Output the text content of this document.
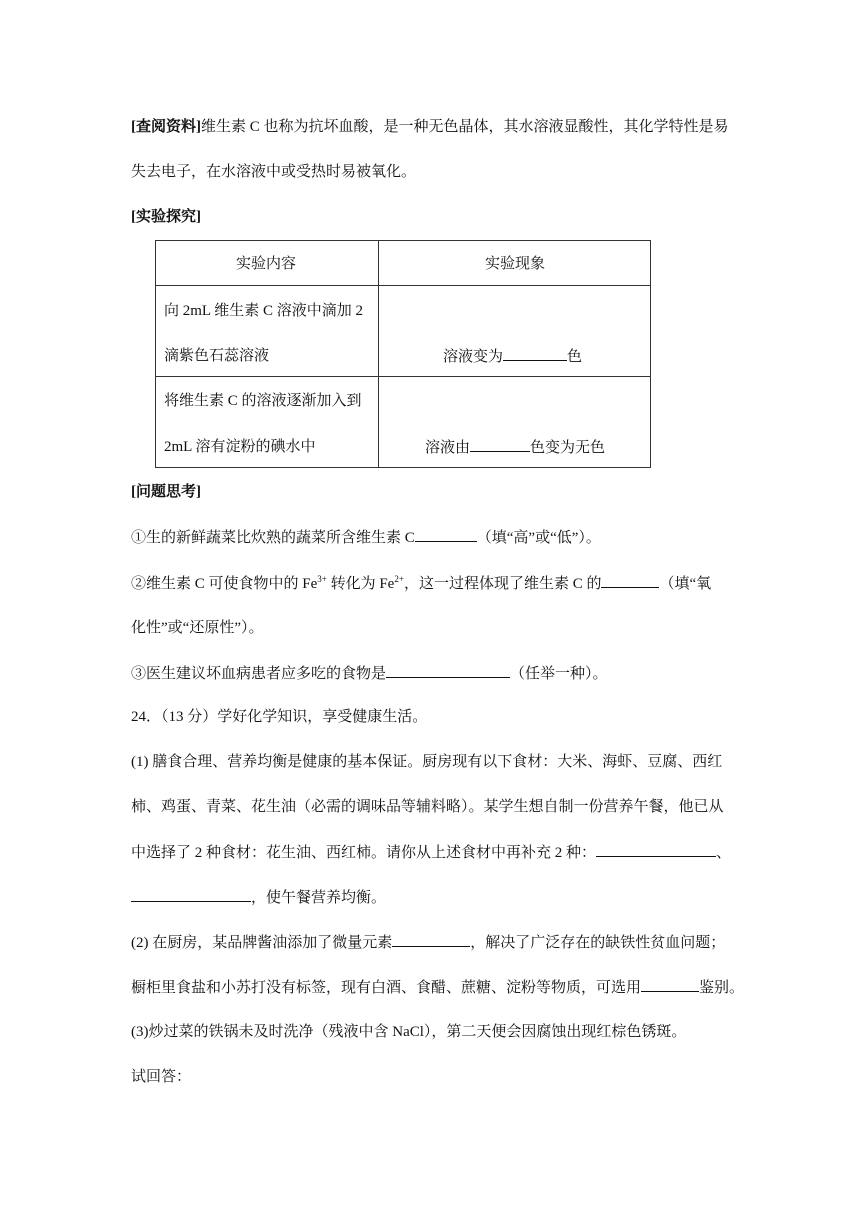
[查阅资料]维生素 C 也称为抗坏血酸，是一种无色晶体，其水溶液显酸性，其化学特性是易
失去电子，在水溶液中或受热时易被氧化。
[实验探究]
实验内容	实验现象

向 2mL 维生素 C 溶液中滴加 2
滴紫色石蕊溶液	溶液变为 色

将维生素 C 的溶液逐渐加入到
2mL 溶有淀粉的碘水中	溶液由 色变为无色
[问题思考]
①生的新鲜蔬菜比炊熟的蔬菜所含维生素 C	（填“高”或“低”）。
②维生素 C 可使食物中的 $Fe^{3+}$ 转化为 $Fe^{2+}$，这一过程体现了维生素 C 的	（填“氧
化性”或“还原性”）。
③医生建议坏血病患者应多吃的食物是	（任举一种）。
24．（13 分）学好化学知识，享受健康生活。
(1) 膳食合理、营养均衡是健康的基本保证。厨房现有以下食材：大米、海虾、豆腐、西红
柿、鸡蛋、青菜、花生油（必需的调味品等辅料略）。某学生想自制一份营养午餐，他已从
中选择了 2 种食材：花生油、西红柿。请你从上述食材中再补充 2 种：	、
，使午餐营养均衡。
(2) 在厨房，某品牌酱油添加了微量元素	，解决了广泛存在的缺铁性贫血问题；
橱柜里食盐和小苏打没有标签，现有白酒、食醋、蔗糖、淀粉等物质，可选用	鉴别。
(3)炒过菜的铁锅未及时洗净（残液中含 NaCl），第二天便会因腐蚀出现红棕色锈斑。
试回答：
